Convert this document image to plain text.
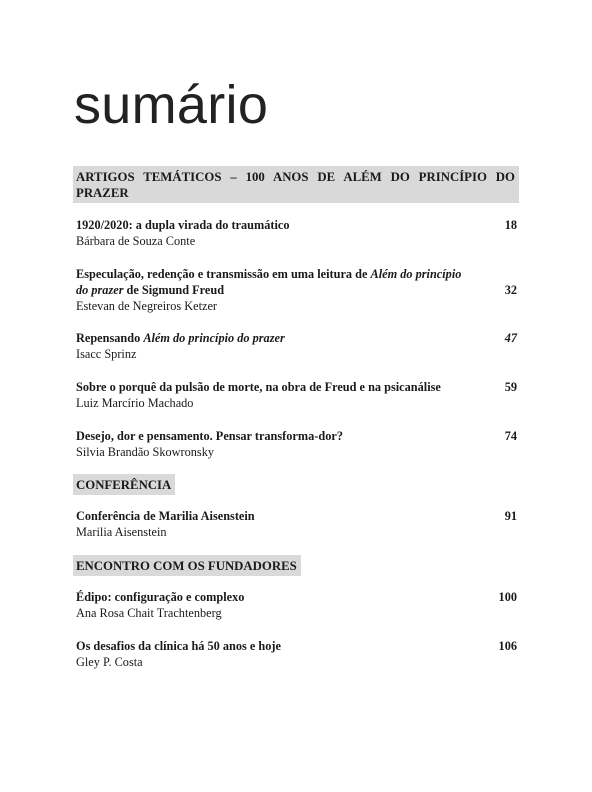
sumário
ARTIGOS TEMÁTICOS – 100 ANOS DE ALÉM DO PRINCÍPIO DO PRAZER
1920/2020: a dupla virada do traumático
Bárbara de Souza Conte
18
Especulação, redenção e transmissão em uma leitura de Além do princípio
do prazer de Sigmund Freud
Estevan de Negreiros Ketzer
32
Repensando Além do princípio do prazer
Isacc Sprinz
47
Sobre o porquê da pulsão de morte, na obra de Freud e na psicanálise
Luiz Marcírio Machado
59
Desejo, dor e pensamento. Pensar transforma-dor?
Silvia Brandão Skowronsky
74
CONFERÊNCIA
Conferência de Marilia Aisenstein
Marilia Aisenstein
91
ENCONTRO COM OS FUNDADORES
Édipo: configuração e complexo
Ana Rosa Chait Trachtenberg
100
Os desafios da clínica há 50 anos e hoje
Gley P. Costa
106
